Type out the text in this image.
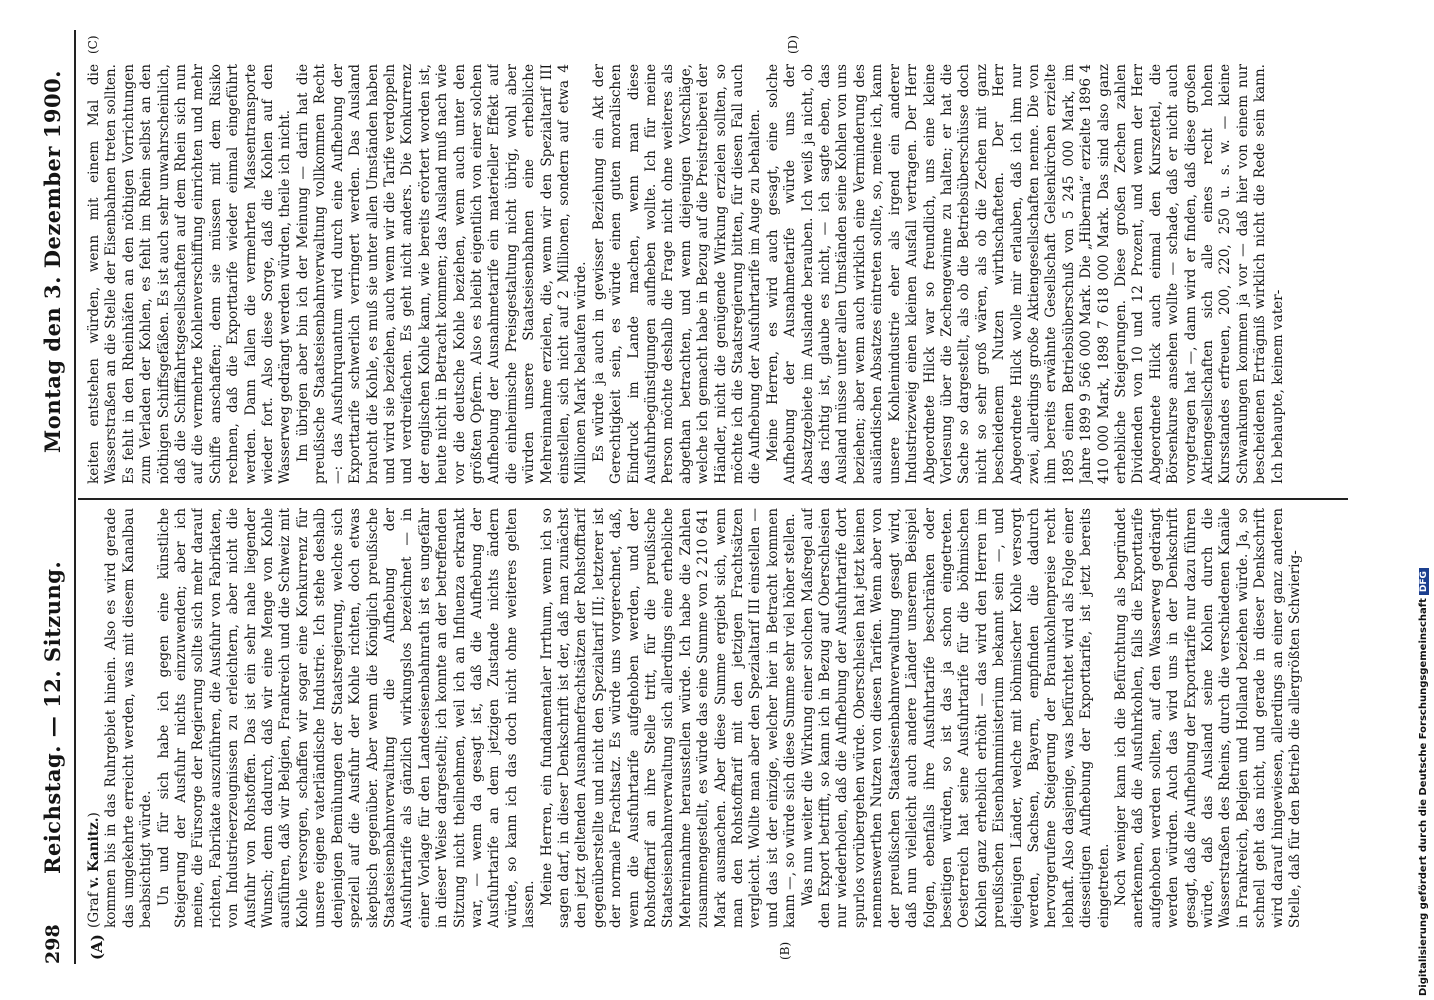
298
Reichstag. — 12. Sitzung.
Montag den 3. Dezember 1900.
(A)	(B)
(C)	(D)

(Graf v. Kanitz.) kommen bis in das Ruhrgebiet hinein. Also es wird gerade das umgekehrte erreicht werden, was mit diesem Kanalbau beabsichtigt würde. Un und für sich habe ich gegen eine künstliche Steigerung der Ausfuhr nichts einzuwenden; aber ich meine, die Fürsorge der Regierung sollte sich mehr darauf richten, Fabrikate auszuführen, die Ausfuhr von Fabrikaten, von Industrieerzeugnissen zu erleichtern, aber nicht die Ausfuhr von Rohstoffen. Das ist ein sehr nahe liegender Wunsch; denn dadurch, daß wir eine Menge von Kohle ausführen, daß wir Belgien, Frankreich und die Schweiz mit Kohle versorgen, schaffen wir sogar eine Konkurrenz für unsere eigene vaterländische Industrie. Ich stehe deshalb denjenigen Bemühungen der Staatsregierung, welche sich speziell auf die Ausfuhr der Kohle richten, doch etwas skeptisch gegenüber. Aber wenn die Königlich preußische Staatseisenbahnverwaltung die Aufhebung der Ausfuhrtarife als gänzlich wirkungslos bezeichnet — in einer Vorlage für den Landeseisenbahnrath ist es ungefähr in dieser Weise dargestellt; ich konnte an der betreffenden Sitzung nicht theilnehmen, weil ich an Influenza erkrankt war, — wenn da gesagt ist, daß die Aufhebung der Ausfuhrtarife an dem jetzigen Zustande nichts ändern würde, so kann ich das doch nicht ohne weiteres gelten lassen. Meine Herren, ein fundamentaler Irrthum, wenn ich so sagen darf, in dieser Denkschrift ist der, daß man zunächst den jetzt geltenden Ausnahmefrachtsätzen der Rohstofftarif gegenüberstellte und nicht den Spezialtarif III; letzterer ist der normale Frachtsatz. Es würde uns vorgerechnet, daß, wenn die Ausfuhrtarife aufgehoben werden, und der Rohstofftarif an ihre Stelle tritt, für die preußische Staatseisenbahnverwaltung sich allerdings eine erhebliche Mehreinnahme herausstellen würde. Ich habe die Zahlen zusammengestellt, es würde das eine Summe von 2 210 641 Mark ausmachen. Aber diese Summe ergiebt sich, wenn man den Rohstofftarif mit den jetzigen Frachtsätzen vergleicht. Wollte man aber den Spezialtarif III einstellen — und das ist der einzige, welcher hier in Betracht kommen kann —, so würde sich diese Summe sehr viel höher stellen. Was nun weiter die Wirkung einer solchen Maßregel auf den Export betrifft, so kann ich in Bezug auf Oberschlesien nur wiederholen, daß die Aufhebung der Ausfuhrtarife dort spurlos vorübergehen würde. Oberschlesien hat jetzt keinen nennenswerthen Nutzen von diesen Tarifen. Wenn aber von der preußischen Staatseisenbahnverwaltung gesagt wird, daß nun vielleicht auch andere Länder unserem Beispiel folgen, ebenfalls ihre Ausfuhrtarife beschränken oder beseitigen würden, so ist das ja schon eingetreten. Oesterreich hat seine Ausfuhrtarife für die böhmischen Kohlen ganz erheblich erhöht — das wird den Herren im preußischen Eisenbahnministerium bekannt sein —, und diejenigen Länder, welche mit böhmischer Kohle versorgt werden, Sachsen, Bayern, empfinden die dadurch hervorgerufene Steigerung der Braunkohlenpreise recht lebhaft. Also dasjenige, was befürchtet wird als Folge einer diesseitigen Aufhebung der Exporttarife, ist jetzt bereits eingetreten. Noch weniger kann ich die Befürchtung als begründet anerkennen, daß die Ausfuhrkohlen, falls die Exporttarife aufgehoben werden sollten, auf den Wasserweg gedrängt werden würden. Auch das wird uns in der Denkschrift gesagt, daß die Aufhebung der Exporttarife nur dazu führen würde, daß das Ausland seine Kohlen durch die Wasserstraßen des Rheins, durch die verschiedenen Kanäle in Frankreich, Belgien und Holland beziehen würde. Ja, so schnell geht das nicht, und gerade in dieser Denkschrift wird darauf hingewiesen, allerdings an einer ganz anderen Stelle, daß für den Betrieb die allergrößten Schwierig-

keiten entstehen würden, wenn mit einem Mal die Wasserstraßen an die Stelle der Eisenbahnen treten sollten. Es fehlt in den Rheinhäfen an den nöthigen Vorrichtungen zum Verladen der Kohlen, es fehlt im Rhein selbst an den nöthigen Schiffsgefäßen. Es ist auch sehr unwahrscheinlich, daß die Schifffahrtsgesellschaften auf dem Rhein sich nun auf die vermehrte Kohlenverschiffung einrichten und mehr Schiffe anschaffen; denn sie müssen mit dem Risiko rechnen, daß die Exporttarife wieder einmal eingeführt werden. Dann fallen die vermehrten Massentransporte wieder fort. Also diese Sorge, daß die Kohlen auf den Wasserweg gedrängt werden würden, theile ich nicht. Im übrigen aber bin ich der Meinung — darin hat die preußische Staatseisenbahnverwaltung vollkommen Recht —: das Ausfuhrquantum wird durch eine Aufhebung der Exporttarife schwerlich verringert werden. Das Ausland braucht die Kohle, es muß sie unter allen Umständen haben und wird sie beziehen, auch wenn wir die Tarife verdoppeln und verdreifachen. Es geht nicht anders. Die Konkurrenz der englischen Kohle kann, wie bereits erörtert worden ist, heute nicht in Betracht kommen; das Ausland muß nach wie vor die deutsche Kohle beziehen, wenn auch unter den größten Opfern. Also es bleibt eigentlich von einer solchen Aufhebung der Ausnahmetarife ein materieller Effekt auf die einheimische Preisgestaltung nicht übrig, wohl aber würden unsere Staatseisenbahnen eine erhebliche Mehreinnahme erzielen, die, wenn wir den Spezialtarif III einstellen, sich nicht auf 2 Millionen, sondern auf etwa 4 Millionen Mark belaufen würde. Es würde ja auch in gewisser Beziehung ein Akt der Gerechtigkeit sein, es würde einen guten moralischen Eindruck im Lande machen, wenn man diese Ausfuhrbegünstigungen aufheben wollte. Ich für meine Person möchte deshalb die Frage nicht ohne weiteres als abgethan betrachten, und wenn diejenigen Vorschläge, welche ich gemacht habe in Bezug auf die Preistreiberei der Händler, nicht die genügende Wirkung erzielen sollten, so möchte ich die Staatsregierung bitten, für diesen Fall auch die Aufhebung der Ausfuhrtarife im Auge zu behalten. Meine Herren, es wird auch gesagt, eine solche Aufhebung der Ausnahmetarife würde uns der Absatzgebiete im Auslande berauben. Ich weiß ja nicht, ob das richtig ist, glaube es nicht, — ich sagte eben, das Ausland müsse unter allen Umständen seine Kohlen von uns beziehen; aber wenn auch wirklich eine Verminderung des ausländischen Absatzes eintreten sollte, so, meine ich, kann unsere Kohlenindustrie eher als irgend ein anderer Industriezweig einen kleinen Ausfall vertragen. Der Herr Abgeordnete Hilck war so freundlich, uns eine kleine Vorlesung über die Zechengewinne zu halten; er hat die Sache so dargestellt, als ob die Betriebsüberschüsse doch nicht so sehr groß wären, als ob die Zechen mit ganz bescheidenem Nutzen wirthschafteten. Der Herr Abgeordnete Hilck wolle mir erlauben, daß ich ihm nur zwei, allerdings große Aktiengesellschaften nenne. Die von ihm bereits erwähnte Gesellschaft Gelsenkirchen erzielte 1895 einen Betriebsüberschuß von 5 245 000 Mark, im Jahre 1899 9 566 000 Mark. Die „Hibernia“ erzielte 1896 4 410 000 Mark, 1898 7 618 000 Mark. Das sind also ganz erhebliche Steigerungen. Diese großen Zechen zahlen Dividenden von 10 und 12 Prozent, und wenn der Herr Abgeordnete Hilck auch einmal den Kurszettel, die Börsenkurse ansehen wollte — schade, daß er nicht auch vorgetragen hat —, dann wird er finden, daß diese großen Aktiengesellschaften sich alle eines recht hohen Kursstandes erfreuen, 200, 220, 250 u. s. w. — kleine Schwankungen kommen ja vor — daß hier von einem nur bescheidenen Erträgniß wirklich nicht die Rede sein kann. Ich behaupte, keinem vater-

Digitalisierung gefördert durch die Deutsche ForschungsgemeinschaftDFG
